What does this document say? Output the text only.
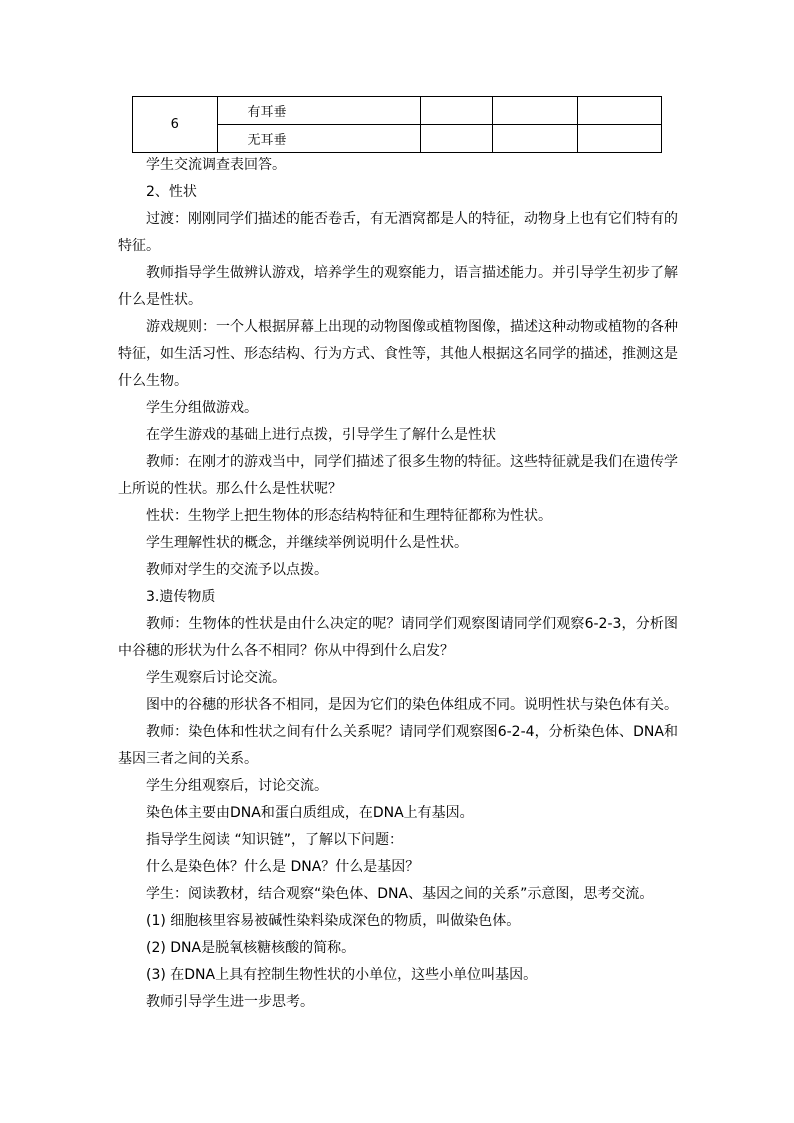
6	有耳垂			
	无耳垂			

学生交流调查表回答。

2、性状

过渡：刚刚同学们描述的能否卷舌，有无酒窝都是人的特征，动物身上也有它们特有的特征。

教师指导学生做辨认游戏，培养学生的观察能力，语言描述能力。并引导学生初步了解什么是性状。

游戏规则：一个人根据屏幕上出现的动物图像或植物图像，描述这种动物或植物的各种特征，如生活习性、形态结构、行为方式、食性等，其他人根据这名同学的描述，推测这是什么生物。

学生分组做游戏。

在学生游戏的基础上进行点拨，引导学生了解什么是性状

教师：在刚才的游戏当中，同学们描述了很多生物的特征。这些特征就是我们在遗传学上所说的性状。那么什么是性状呢？

性状：生物学上把生物体的形态结构特征和生理特征都称为性状。

学生理解性状的概念，并继续举例说明什么是性状。

教师对学生的交流予以点拨。

3.遗传物质

教师：生物体的性状是由什么决定的呢？请同学们观察图请同学们观察6-2-3，分析图中谷穗的形状为什么各不相同？你从中得到什么启发？

学生观察后讨论交流。

图中的谷穗的形状各不相同，是因为它们的染色体组成不同。说明性状与染色体有关。

教师：染色体和性状之间有什么关系呢？请同学们观察图6-2-4，分析染色体、DNA和基因三者之间的关系。

学生分组观察后，讨论交流。

染色体主要由DNA和蛋白质组成，在DNA上有基因。

指导学生阅读 “知识链”，了解以下问题：

什么是染色体？什么是 DNA？什么是基因？

学生：阅读教材，结合观察“染色体、DNA、基因之间的关系”示意图，思考交流。

(1) 细胞核里容易被碱性染料染成深色的物质，叫做染色体。

(2) DNA是脱氧核糖核酸的简称。

(3) 在DNA上具有控制生物性状的小单位，这些小单位叫基因。

教师引导学生进一步思考。
